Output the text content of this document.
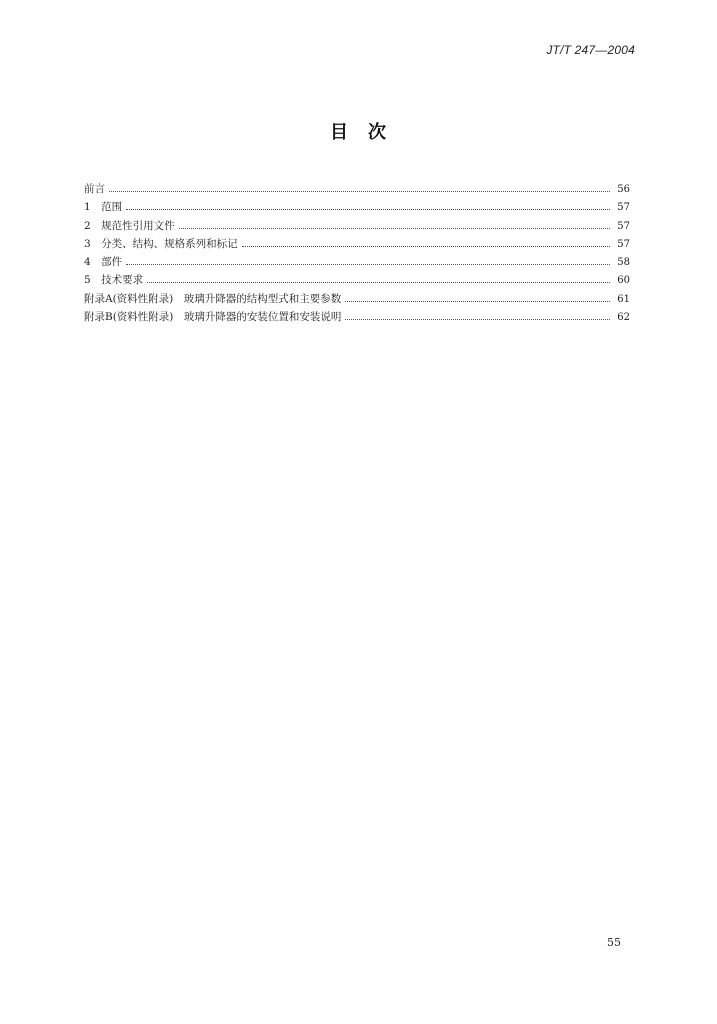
JT/T 247—2004
目　次
前言	56
1　范围	57
2　规范性引用文件	57
3　分类、结构、规格系列和标记	57
4　部件	58
5　技术要求	60
附录A(资料性附录)　玻璃升降器的结构型式和主要参数	61
附录B(资料性附录)　玻璃升降器的安装位置和安装说明	62
55
